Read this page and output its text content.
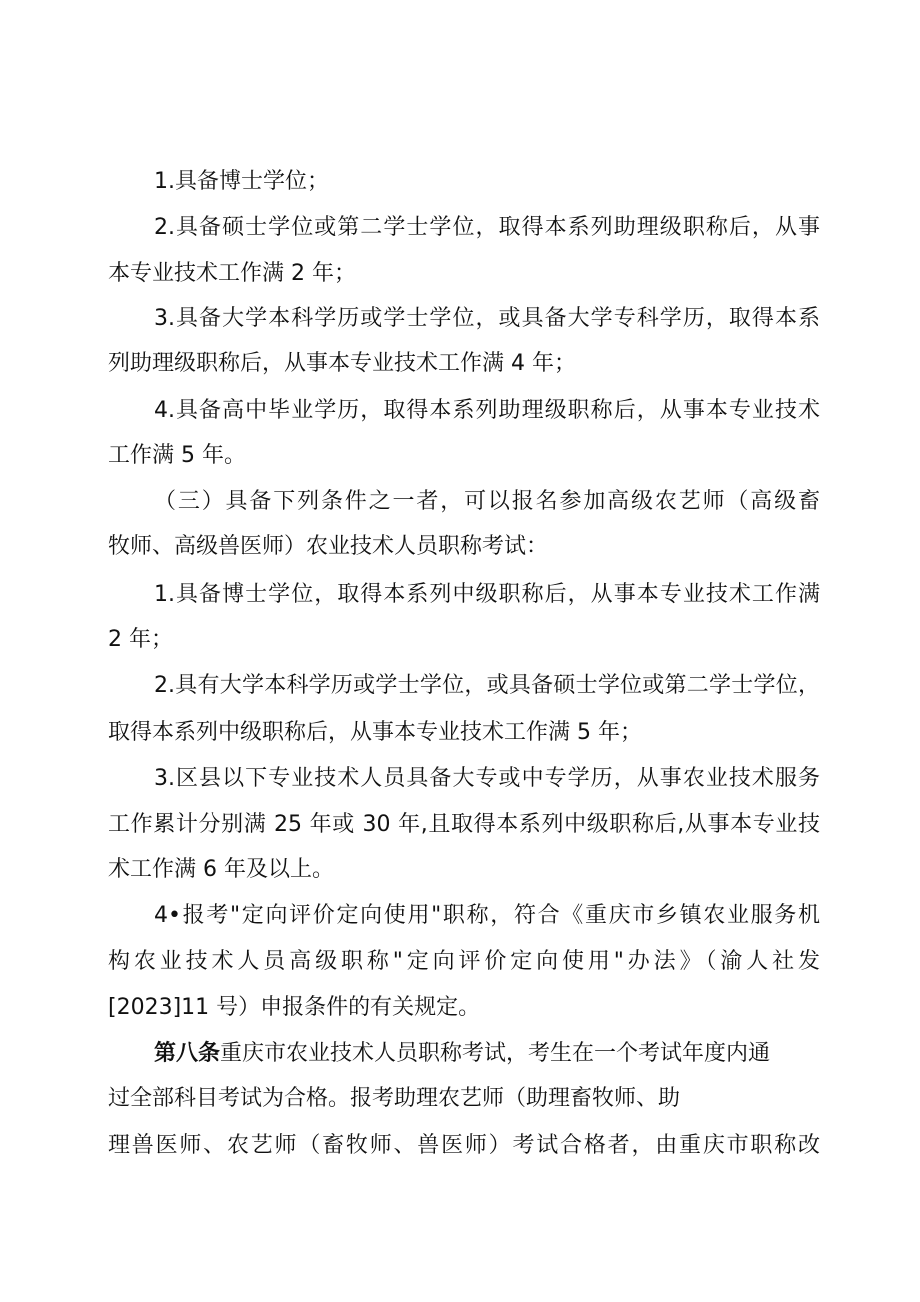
1.具备博士学位；
2.具备硕士学位或第二学士学位，取得本系列助理级职称后，从事
本专业技术工作满 2 年；
3.具备大学本科学历或学士学位，或具备大学专科学历，取得本系
列助理级职称后，从事本专业技术工作满 4 年；
4.具备高中毕业学历，取得本系列助理级职称后，从事本专业技术
工作满 5 年。
（三）具备下列条件之一者，可以报名参加高级农艺师（高级畜
牧师、高级兽医师）农业技术人员职称考试：
1.具备博士学位，取得本系列中级职称后，从事本专业技术工作满
2 年；
2.具有大学本科学历或学士学位，或具备硕士学位或第二学士学位，
取得本系列中级职称后，从事本专业技术工作满 5 年；
3.区县以下专业技术人员具备大专或中专学历，从事农业技术服务
工作累计分别满 25 年或 30 年,且取得本系列中级职称后,从事本专业技
术工作满 6 年及以上。
4•报考"定向评价定向使用"职称，符合《重庆市乡镇农业服务机
构农业技术人员高级职称"定向评价定向使用"办法》（渝人社发
[2023]11 号）申报条件的有关规定。
第八条重庆市农业技术人员职称考试，考生在一个考试年度内通
过全部科目考试为合格。报考助理农艺师（助理畜牧师、助
理兽医师、农艺师（畜牧师、兽医师）考试合格者，由重庆市职称改
